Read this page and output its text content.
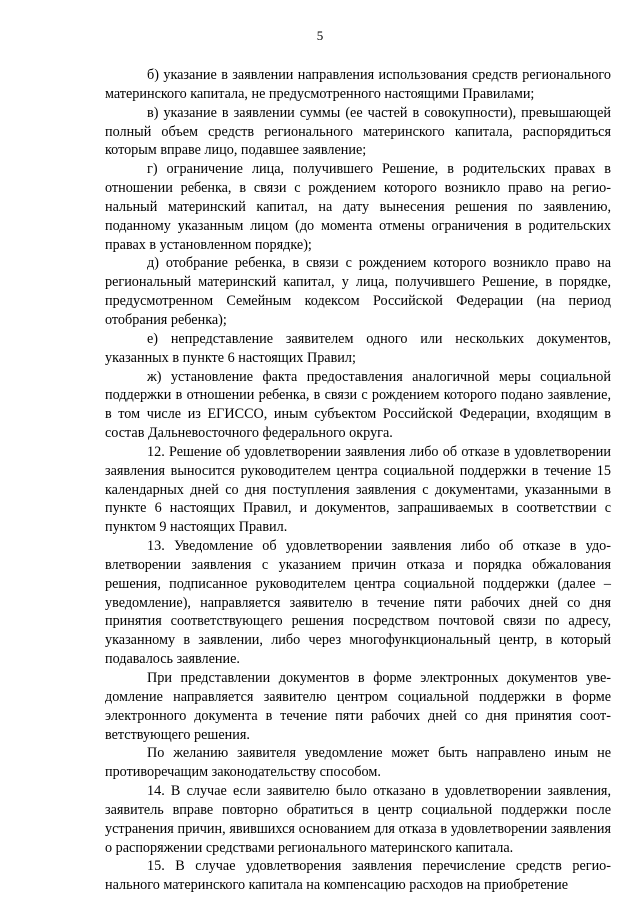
5

б) указание в заявлении направления использования средств регионального материнского капитала, не предусмотренного настоящими Правилами;

в) указание в заявлении суммы (ее частей в совокупности), превышающей полный объем средств регионального материнского капитала, распорядиться которым вправе лицо, подавшее заявление;

г) ограничение лица, получившего Решение, в родительских правах в отношении ребенка, в связи с рождением которого возникло право на региональный материнский капитал, на дату вынесения решения по заявлению, поданному указанным лицом (до момента отмены ограничения в родительских правах в установленном порядке);

д) отобрание ребенка, в связи с рождением которого возникло право на региональный материнский капитал, у лица, получившего Решение, в порядке, предусмотренном Семейным кодексом Российской Федерации (на период отобрания ребенка);

е) непредставление заявителем одного или нескольких документов, указанных в пункте 6 настоящих Правил;

ж) установление факта предоставления аналогичной меры социальной поддержки в отношении ребенка, в связи с рождением которого подано заявление, в том числе из ЕГИССО, иным субъектом Российской Федерации, входящим в состав Дальневосточного федерального округа.

12. Решение об удовлетворении заявления либо об отказе в удовлетворении заявления выносится руководителем центра социальной поддержки в течение 15 календарных дней со дня поступления заявления с документами, указанными в пункте 6 настоящих Правил, и документов, запрашиваемых в соответствии с пунктом 9 настоящих Правил.

13. Уведомление об удовлетворении заявления либо об отказе в удовлетворении заявления с указанием причин отказа и порядка обжалования решения, подписанное руководителем центра социальной поддержки (далее – уведомление), направляется заявителю в течение пяти рабочих дней со дня принятия соответствующего решения посредством почтовой связи по адресу, указанному в заявлении, либо через многофункциональный центр, в который подавалось заявление.

При представлении документов в форме электронных документов уведомление направляется заявителю центром социальной поддержки в форме электронного документа в течение пяти рабочих дней со дня принятия соответствующего решения.

По желанию заявителя уведомление может быть направлено иным не противоречащим законодательству способом.

14. В случае если заявителю было отказано в удовлетворении заявления, заявитель вправе повторно обратиться в центр социальной поддержки после устранения причин, явившихся основанием для отказа в удовлетворении заявления о распоряжении средствами регионального материнского капитала.

15. В случае удовлетворения заявления перечисление средств регионального материнского капитала на компенсацию расходов на приобретение
